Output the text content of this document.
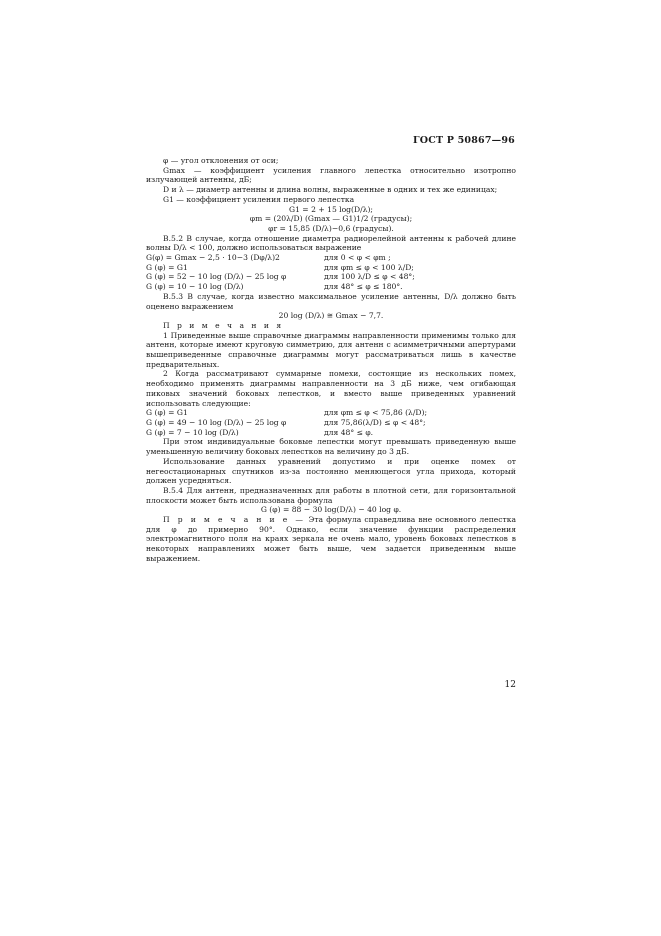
ГОСТ Р 50867—96

φ — угол отклонения от оси;

Gmax — коэффициент усиления главного лепестка относительно изотропно излучающей антенны, дБ;

D и λ — диаметр антенны и длина волны, выраженные в одних и тех же единицах;

G1 — коэффициент усиления первого лепестка

G1 = 2 + 15 log(D/λ);

φm = (20λ/D) (Gmax — G1)1/2 (градусы);

φr = 15,85 (D/λ)−0,6 (градусы).

В.5.2 В случае, когда отношение диаметра радиорелейной антенны к рабочей длине волны D/λ < 100, должно использоваться выражение

G(φ) = Gmax − 2,5 · 10−3 (Dφ/λ)2	для 0 < φ < φm ;
G (φ) = G1	для φm ≤ φ < 100 λ/D;
G (φ) = 52 − 10 log (D/λ) − 25 log φ	для 100 λ/D ≤ φ < 48°;
G (φ) = 10 − 10 log (D/λ)	для 48° ≤ φ ≤ 180°.

В.5.3 В случае, когда известно максимальное усиление антенны, D/λ должно быть оценено выражением

20 log (D/λ) ≅ Gmax − 7,7.

П р и м е ч а н и я

1 Приведенные выше справочные диаграммы направленности применимы только для антенн, которые имеют круговую симметрию, для антенн с асимметричными апертурами вышеприведенные справочные диаграммы могут рассматриваться лишь в качестве предварительных.

2 Когда рассматривают суммарные помехи, состоящие из нескольких помех, необходимо применять диаграммы направленности на 3 дБ ниже, чем огибающая пиковых значений боковых лепестков, и вместо выше приведенных уравнений использовать следующие:

G (φ) = G1	для φm ≤ φ < 75,86 (λ/D);
G (φ) = 49 − 10 log (D/λ) − 25 log φ	для 75,86(λ/D) ≤ φ < 48°;
G (φ) = 7 − 10 log (D/λ)	для 48° ≤ φ.

При этом индивидуальные боковые лепестки могут превышать приведенную выше уменьшенную величину боковых лепестков на величину до 3 дБ.

Использование данных уравнений допустимо и при оценке помех от негеостационарных спутников из-за постоянно меняющегося угла прихода, который должен усредняться.

В.5.4 Для антенн, предназначенных для работы в плотной сети, для горизонтальной плоскости может быть использована формула

G (φ) = 88 − 30 log(D/λ) − 40 log φ.

П р и м е ч а н и е — Эта формула справедлива вне основного лепестка для φ до примерно 90°. Однако, если значение функции распределения электромагнитного поля на краях зеркала не очень мало, уровень боковых лепестков в некоторых направлениях может быть выше, чем задается приведенным выше выражением.

12
